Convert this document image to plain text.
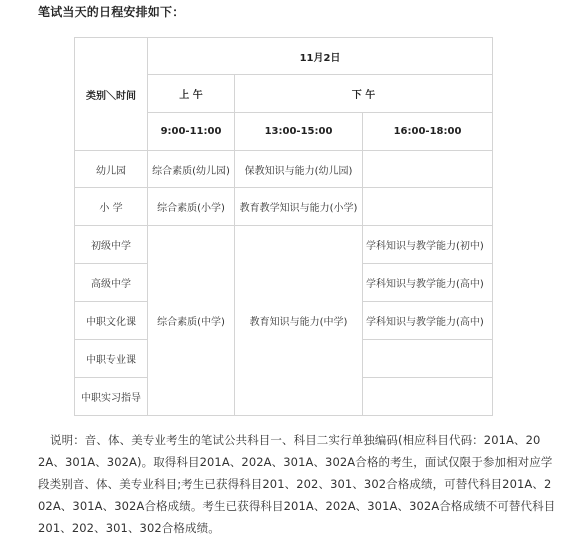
笔试当天的日程安排如下：
类别＼时间	11月2日		
	上 午	下 午	
	9:00-11:00	13:00-15:00	16:00-18:00
幼儿园	综合素质(幼儿园)	保教知识与能力(幼儿园)	
小 学	综合素质(小学)	教育教学知识与能力(小学)	
初级中学	综合素质(中学)	教育知识与能力(中学)	学科知识与教学能力(初中)
高级中学			学科知识与教学能力(高中)
中职文化课			学科知识与教学能力(高中)
中职专业课			
中职实习指导			
说明：音、体、美专业考生的笔试公共科目一、科目二实行单独编码(相应科目代码：201A、20
2A、301A、302A)。取得科目201A、202A、301A、302A合格的考生，面试仅限于参加相对应学
段类别音、体、美专业科目;考生已获得科目201、202、301、302合格成绩，可替代科目201A、2
02A、301A、302A合格成绩。考生已获得科目201A、202A、301A、302A合格成绩不可替代科目
201、202、301、302合格成绩。
